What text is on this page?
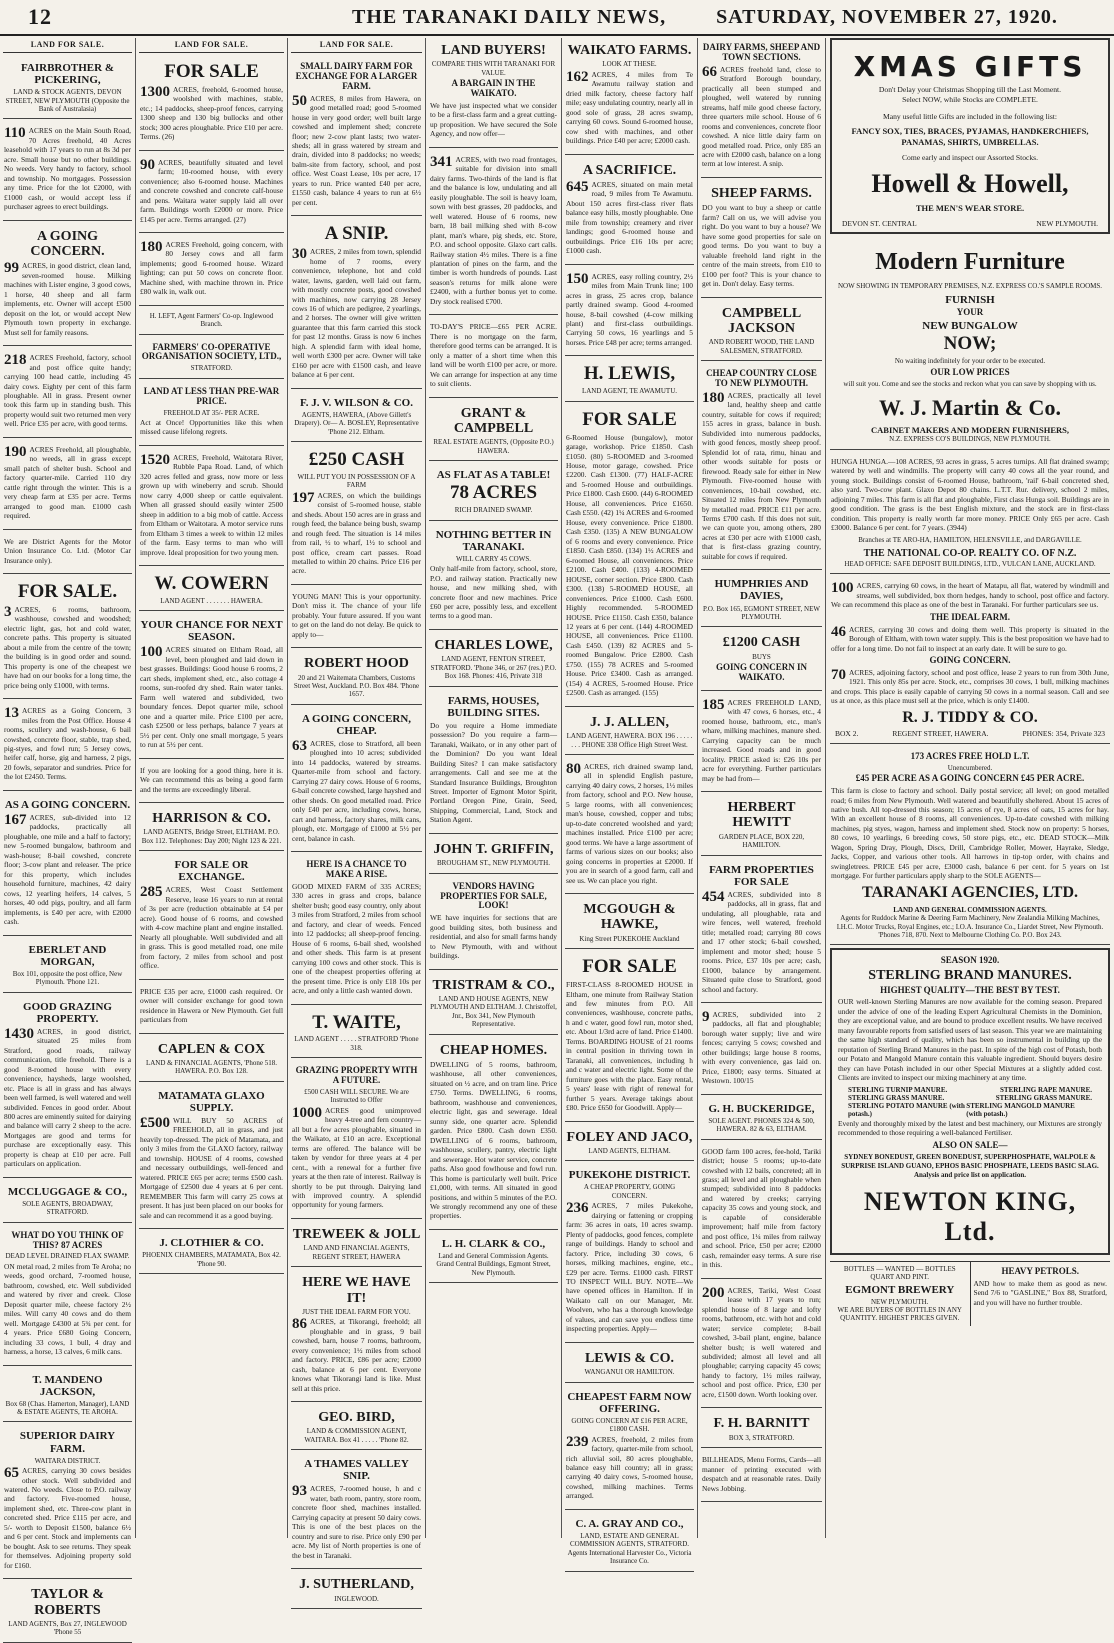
12	THE TARANAKI DAILY NEWS,	SATURDAY, NOVEMBER 27, 1920.
LAND FOR SALE.
FAIRBROTHER & PICKERING,
LAND & STOCK AGENTS, DEVON STREET, NEW PLYMOUTH (Opposite the Bank of Australasia)
110 ACRES on the Main South Road, 70 Acres freehold, 40 Acres leasehold with 17 years to run at 8s 3d per acre. Small house but no other buildings. No weeds. Very handy to factory, school and township. No mortgages. Possession any time. Price for the lot £2000, with £1000 cash, or would accept less if purchaser agrees to erect buildings.
A GOING CONCERN.
99 ACRES, in good district, clean land, seven-roomed house. Milking machines with Lister engine, 3 good cows, 1 horse, 40 sheep and all farm implements, etc. Owner will accept £500 deposit on the lot, or would accept New Plymouth town property in exchange. Must sell for family reasons.
218 ACRES Freehold, factory, school and post office quite handy; carrying 100 head cattle, including 45 dairy cows. Eighty per cent of this farm ploughable. All in grass. Present owner took this farm up in standing bush. This property would suit two returned men very well. Price £35 per acre, with good terms.
190 ACRES Freehold, all ploughable, no weeds, all in grass except small patch of shelter bush. School and factory quarter-mile. Carried 110 dry cattle right through the winter. This is a very cheap farm at £35 per acre. Terms arranged to good man. £1000 cash required.
We are District Agents for the Motor Union Insurance Co. Ltd. (Motor Car Insurance only).
FOR SALE.
3 ACRES, 6 rooms, bathroom, washhouse, cowshed and woodshed; electric light, gas, hot and cold water, concrete paths. This property is situated about a mile from the centre of the town; the building is in good order and sound. This property is one of the cheapest we have had on our books for a long time, the price being only £1000, with terms.
13 ACRES as a Going Concern, 3 miles from the Post Office. House 4 rooms, scullery and wash-house, 6 bail cowshed, concrete floor, stable, trap shed, pig-styes, and fowl run; 5 Jersey cows, heifer calf, horse, gig and harness, 2 pigs, 20 fowls, separator and sundries. Price for the lot £2450. Terms.
AS A GOING CONCERN.
167 ACRES, sub-divided into 12 paddocks, practically all ploughable, one mile and a half to factory; new 5-roomed bungalow, bathroom and wash-house; 8-bail cowshed, concrete floor; 3-cow plant and releaser. The price for this property, which includes household furniture, machines, 42 dairy cows, 12 yearling heifers, 14 calves, 5 horses, 40 odd pigs, poultry, and all farm implements, is £40 per acre, with £2000 cash.
EBERLET AND MORGAN,
Box 101, opposite the post office, New Plymouth. 'Phone 121.
GOOD GRAZING PROPERTY.
1430 ACRES, in good district, situated 25 miles from Stratford, good roads, railway communication, title freehold. There is a good 8-roomed house with every convenience, haysheds, large woolshed, etc. Place is all in grass and has always been well farmed, is well watered and well subdivided. Fences in good order. About 800 acres are eminently suited for dairying and balance will carry 2 sheep to the acre. Mortgages are good and terms for purchase are exceptionally easy. This property is cheap at £10 per acre. Full particulars on application.
MCCLUGGAGE & CO.,
SOLE AGENTS, BROADWAY, STRATFORD.
WHAT DO YOU THINK OF THIS? 87 ACRES
DEAD LEVEL DRAINED FLAX SWAMP.
ON metal road, 2 miles from Te Aroha; no weeds, good orchard, 7-roomed house, bathroom, cowshed, etc. Well subdivided and watered by river and creek. Close Deposit quarter mile, cheese factory 2½ miles. Will carry 40 cows and do them well. Mortgage £4300 at 5¾ per cent. for 4 years. Price £680 Going Concern, including 33 cows, 1 bull, 4 dray and harness, a horse, 13 calves, 6 milk cans.
T. MANDENO JACKSON,
Box 68 (Chas. Hamerton, Manager), LAND & ESTATE AGENTS, TE AROHA.
SUPERIOR DAIRY FARM.
WAITARA DISTRICT.
65 ACRES, carrying 30 cows besides other stock. Well subdivided and watered. No weeds. Close to P.O. railway and factory. Five-roomed house, implement shed, etc. Three-cow plant in concreted shed. Price £115 per acre, and 5/- worth to Deposit £1500, balance 6½ and 6 per cent. Stock and implements can be bought. Ask to see returns. They speak for themselves. Adjoining property sold for £160.
TAYLOR & ROBERTS
LAND AGENTS, Box 27, INGLEWOOD 'Phone 55
LAND FOR SALE.
FOR SALE
1300 ACRES, freehold, 6-roomed house, woolshed with machines, stable, etc.; 14 paddocks, sheep-proof fences, carrying 1300 sheep and 130 big bullocks and other stock; 300 acres ploughable. Price £10 per acre. Terms. (26)
90 ACRES, beautifully situated and level farm; 10-roomed house, with every convenience; also 6-roomed house. Machines and concrete cowshed and concrete calf-house and pens. Waitara water supply laid all over farm. Buildings worth £2000 or more. Price £145 per acre. Terms arranged. (27)
180 ACRES Freehold, going concern, with 80 Jersey cows and all farm implements; good 6-roomed house. Wizard lighting; can put 50 cows on concrete floor. Machine shed, with machine thrown in. Price £80 walk in, walk out.
H. LEFT, Agent Farmers' Co-op. Inglewood Branch.
FARMERS' CO-OPERATIVE ORGANISATION SOCIETY, LTD.,
STRATFORD.
LAND AT LESS THAN PRE-WAR PRICE.
FREEHOLD AT 35/- PER ACRE.
Act at Once! Opportunities like this when missed cause lifelong regrets.
1520 ACRES, Freehold, Waitotara River, Rubble Papa Road. Land, of which 320 acres felled and grass, now more or less grown up with wineberry and scrub. Should now carry 4,000 sheep or cattle equivalent. When all grassed should easily winter 2500 sheep in addition to a big mob of cattle. Access from Eltham or Waitotara. A motor service runs from Eltham 3 times a week to within 12 miles of the farm. Easy terms to man who will improve. Ideal proposition for two young men.
W. COWERN
LAND AGENT . . . . . . . HAWERA.
YOUR CHANCE FOR NEXT SEASON.
100 ACRES situated on Eltham Road, all level, been ploughed and laid down in best grasses. Buildings: Good house 6 rooms, 2 cart sheds, implement shed, etc., also cottage 4 rooms, sun-roofed dry shed. Rain water tanks. Farm well watered and subdivided, two boundary fences. Depot quarter mile, school one and a quarter mile. Price £100 per acre, cash £2500 or less perhaps, balance 7 years at 5½ per cent. Only one small mortgage, 5 years to run at 5½ per cent.
If you are looking for a good thing, here it is. We can recommend this as being a good farm and the terms are exceedingly liberal.
HARRISON & CO.
LAND AGENTS, Bridge Street, ELTHAM. P.O. Box 112. Telephones: Day 200; Night 123 & 221.
FOR SALE OR EXCHANGE.
285 ACRES, West Coast Settlement Reserve, lease 16 years to run at rental of 3s per acre (reduction obtainable at £4 per acre). Good house of 6 rooms, and cowshed with 4-cow machine plant and engine installed. Nearly all ploughable. Well subdivided and all in grass. This is good metalled road, one mile from factory, 2 miles from school and post office.
PRICE £35 per acre, £1000 cash required. Or owner will consider exchange for good town residence in Hawera or New Plymouth. Get full particulars from
CAPLEN & COX
LAND & FINANCIAL AGENTS, 'Phone 518. HAWERA. P.O. Box 128.
MATAMATA GLAXO SUPPLY.
£500 WILL BUY 50 ACRES of FREEHOLD, all in grass, and just heavily top-dressed. The pick of Matamata, and only 3 miles from the GLAXO factory, railway and township. HOUSE of 4 rooms, cowshed and necessary outbuildings, well-fenced and watered. PRICE £65 per acre; terms £500 cash. Mortgage of £2500 due 4 years at 6 per cent. REMEMBER This farm will carry 25 cows at present. It has just been placed on our books for sale and can recommend it as a good buying.
J. CLOTHIER & CO.
PHOENIX CHAMBERS, MATAMATA, Box 42. 'Phone 90.
LAND FOR SALE.
SMALL DAIRY FARM FOR EXCHANGE FOR A LARGER FARM.
50 ACRES, 8 miles from Hawera, on good metalled road; good 5-roomed house in very good order; well built large cowshed and implement shed; concrete floor; new 2-cow plant lasts; two water-sheds; all in grass watered by stream and drain, divided into 8 paddocks; no weeds; balm-site from factory, school, and post office. West Coast Lease, 10s per acre, 17 years to run. Price wanted £40 per acre, £1550 cash, balance 4 years to run at 6½ per cent.
A SNIP.
30 ACRES, 2 miles from town, splendid home of 7 rooms, every convenience, telephone, hot and cold water, lawns, garden, well laid out farm, with mostly concrete posts, good cowshed with machines, now carrying 28 Jersey cows 16 of which are pedigree, 2 yearlings, and 2 horses. The owner will give written guarantee that this farm carried this stock for past 12 months. Grass is now 6 inches high. A splendid farm with ideal home, well worth £300 per acre. Owner will take £160 per acre with £1500 cash, and leave balance at 6 per cent.
F. J. V. WILSON & CO.
AGENTS, HAWERA, (Above Gillett's Drapery). Or— A. BOSLEY, Representative 'Phone 212. Eltham.
£250 CASH
WILL PUT YOU IN POSSESSION OF A FARM
197 ACRES, on which the buildings consist of 5-roomed house, stable and sheds. About 150 acres are in grass and rough feed, the balance being bush, swamp and rough feed. The situation is 14 miles from rail, ½ to wharf, 1½ to school and post office, cream cart passes. Road metalled to within 20 chains. Price £16 per acre.
YOUNG MAN! This is your opportunity. Don't miss it. The chance of your life probably. Your future assured. If you want to get on the land do not delay. Be quick to apply to—
ROBERT HOOD
20 and 21 Waitemata Chambers, Customs Street West, Auckland. P.O. Box 484. 'Phone 1657.
A GOING CONCERN, CHEAP.
63 ACRES, close to Stratford, all been ploughed into 10 acres; subdivided into 14 paddocks, watered by streams. Quarter-mile from school and factory. Carrying 27 dairy cows. House of 6 rooms, 6-bail concrete cowshed, large hayshed and other sheds. On good metalled road. Price only £40 per acre, including cows, horse, cart and harness, factory shares, milk cans, plough, etc. Mortgage of £1000 at 5½ per cent, balance in cash.
HERE IS A CHANCE TO MAKE A RISE.
GOOD MIXED FARM of 335 ACRES; 330 acres in grass and crops, balance shelter bush; good easy country, only about 3 miles from Stratford, 2 miles from school and factory, and clear of weeds. Fenced into 12 paddocks; all sheep-proof fencing. House of 6 rooms, 6-bail shed, woolshed and other sheds. This farm is at present carrying 100 cows and other stock. This is one of the cheapest properties offering at the present time. Price is only £18 10s per acre, and only a little cash wanted down.
T. WAITE,
LAND AGENT . . . . . STRATFORD 'Phone 318.
GRAZING PROPERTY WITH A FUTURE.
£500 CASH WILL SECURE. We are Instructed to Offer
1000 ACRES good unimproved heavy 4-tree and fern country—all but a few acres ploughable, situated in the Waikato, at £10 an acre. Exceptional terms are offered. The balance will be taken by vendor for three years at 4 per cent., with a renewal for a further five years at the then rate of interest. Railway is shortly to be put through. Dairying land with improved country. A splendid opportunity for young farmers.
TREWEEK & JOLL
LAND AND FINANCIAL AGENTS, REGENT STREET, HAWERA
HERE WE HAVE IT!
JUST THE IDEAL FARM FOR YOU.
86 ACRES, at Tikorangi, freehold; all ploughable and in grass, 9 bail cowshed, barn, house 7 rooms, bathroom, every convenience; 1½ miles from school and factory. PRICE, £86 per acre; £2000 cash, balance at 6 per cent. Everyone knows what Tikorangi land is like. Must sell at this price.
GEO. BIRD,
LAND & COMMISSION AGENT, WAITARA. Box 41 . . . . . 'Phone 82.
A THAMES VALLEY SNIP.
93 ACRES, 7-roomed house, h and c water, bath room, pantry, store room, concrete floor shed, machines installed. Carrying capacity at present 50 dairy cows. This is one of the best places on the country and sure to rise. Price only £90 per acre. My list of North properties is one of the best in Taranaki.
J. SUTHERLAND,
INGLEWOOD.
LAND BUYERS!
COMPARE THIS WITH TARANAKI FOR VALUE.
A BARGAIN IN THE WAIKATO.
We have just inspected what we consider to be a first-class farm and a great cutting-up proposition. We have secured the Sole Agency, and now offer—
341 ACRES, with two road frontages, suitable for division into small dairy farms. Two-thirds of the land is flat and the balance is low, undulating and all easily ploughable. The soil is heavy loam, sown with best grasses, 20 paddocks, and well watered. House of 6 rooms, new barn, 18 bail milking shed with 8-cow plant, man's whare, pig sheds, etc. Store, P.O. and school opposite. Glaxo cart calls. Railway station 4½ miles. There is a fine plantation of pines on the farm, and the timber is worth hundreds of pounds. Last season's returns for milk alone were £2400, with a further bonus yet to come. Dry stock realised £700.
TO-DAY'S PRICE—£65 PER ACRE. There is no mortgage on the farm, therefore good terms can be arranged. It is only a matter of a short time when this land will be worth £100 per acre, or more. We can arrange for inspection at any time to suit clients.
GRANT & CAMPBELL
REAL ESTATE AGENTS, (Opposite P.O.) HAWERA.
AS FLAT AS A TABLE!
78 ACRES
RICH DRAINED SWAMP.
NOTHING BETTER IN TARANAKI.
WILL CARRY 45 COWS.
Only half-mile from factory, school, store, P.O. and railway station. Practically new house, and new milking shed, with concrete floor and new machines. Price £60 per acre, possibly less, and excellent terms to a good man.
CHARLES LOWE,
LAND AGENT, FENTON STREET, STRATFORD. 'Phone 346, or 267 (res.) P.O. Box 168. Phones: 416, Private 318
FARMS, HOUSES, BUILDING SITES.
Do you require a Home immediate possession? Do you require a farm—Taranaki, Waikato, or in any other part of the Dominion? Do you want Ideal Building Sites? I can make satisfactory arrangements. Call and see me at the Standard Insurance Buildings, Broughton Street. Importer of Egmont Motor Spirit, Portland Oregon Pine, Grain, Seed, Shipping, Commercial, Land, Stock and Station Agent.
JOHN T. GRIFFIN,
BROUGHAM ST., NEW PLYMOUTH.
VENDORS HAVING PROPERTIES FOR SALE, LOOK!
WE have inquiries for sections that are good building sites, both business and residential, and also for small farms handy to New Plymouth, with and without buildings.
TRISTRAM & CO.,
LAND AND HOUSE AGENTS, NEW PLYMOUTH AND ELTHAM. J. Christoffel, Jnr., Box 341, New Plymouth Representative.
CHEAP HOMES.
DWELLING of 5 rooms, bathroom, washhouse, all other conveniences, situated on ½ acre, and on tram line. Price £750. Terms. DWELLING, 6 rooms, bathroom, washhouse and conveniences, electric light, gas and sewerage. Ideal sunny side, one quarter acre. Splendid garden. Price £800. Cash down £350. DWELLING of 6 rooms, bathroom, washhouse, scullery, pantry, electric light and sewerage. Hot water service, concrete paths. Also good fowlhouse and fowl run. This home is particularly well built. Price £1,000, with terms. All situated in good positions, and within 5 minutes of the P.O. We strongly recommend any one of these properties.
L. H. CLARK & CO.,
Land and General Commission Agents. Grand Central Buildings, Egmont Street, New Plymouth.
WAIKATO FARMS.
LOOK AT THESE.
162 ACRES, 4 miles from Te Awamutu railway station and dried milk factory, cheese factory half mile; easy undulating country, nearly all in good sole of grass, 28 acres swamp, carrying 60 cows. Sound 6-roomed house, cow shed with machines, and other buildings. Price £40 per acre; £2000 cash.
A SACRIFICE.
645 ACRES, situated on main metal road, 9 miles from Te Awamutu. About 150 acres first-class river flats balance easy hills, mostly ploughable. One mile from township; creamery and river landings; good 6-roomed house and outbuildings. Price £16 10s per acre; £1000 cash.
150 ACRES, easy rolling country, 2½ miles from Main Trunk line; 100 acres in grass, 25 acres crop, balance partly drained swamp. Good 4-roomed house, 8-bail cowshed (4-cow milking plant) and first-class outbuildings. Carrying 50 cows, 16 yearlings and 5 horses. Price £48 per acre; terms arranged.
H. LEWIS,
LAND AGENT, TE AWAMUTU.
FOR SALE
6-Roomed House (bungalow), motor garage, workshop. Price £1850. Cash £1050. (80) 5-ROOMED and 3-roomed House, motor garage, cowshed. Price £2200. Cash £1300. (77) HALF-ACRE and 5-roomed House and outbuildings. Price £1800. Cash £600. (44) 6-ROOMED House, all conveniences. Price £1650. Cash £550. (42) 1¼ ACRES and 6-roomed House, every convenience. Price £1800. Cash £350. (135) A NEW BUNGALOW of 6 rooms and every convenience. Price £1850. Cash £850. (134) 1½ ACRES and 6-roomed House, all conveniences. Price £2100. Cash £400. (133) 4-ROOMED HOUSE, corner section. Price £800. Cash £300. (138) 5-ROOMED HOUSE, all conveniences. Price £1000. Cash £600. Highly recommended. 5-ROOMED HOUSE. Price £1150. Cash £350, balance 12 years at 6 per cent. (144) 4-ROOMED HOUSE, all conveniences. Price £1100. Cash £450. (139) 82 ACRES and 5-roomed Bungalow. Price £2800. Cash £750. (155) 78 ACRES and 5-roomed House. Price £3400. Cash as arranged. (154) 4 ACRES, 5-roomed House. Price £2500. Cash as arranged. (155)
J. J. ALLEN,
LAND AGENT, HAWERA. BOX 196 . . . . . . . . PHONE 338 Office High Street West.
80 ACRES, rich drained swamp land, all in splendid English pasture, carrying 40 dairy cows, 2 horses, 1½ miles from factory, school and P.O. New house, 5 large rooms, with all conveniences; man's house, cowshed, copper and tubs; up-to-date concreted woolshed and yard; machines installed. Price £100 per acre; good terms. We have a large assortment of farms of various sizes on our books; also going concerns in properties at £2000. If you are in search of a good farm, call and see us. We can place you right.
MCGOUGH & HAWKE,
King Street PUKEKOHE Auckland
FOR SALE
FIRST-CLASS 8-ROOMED HOUSE in Eltham, one minute from Railway Station and few minutes from P.O. All conveniences, washhouse, concrete paths, h and c water, good fowl run, motor shed, etc. About 1/3rd acre of land. Price £1400. Terms. BOARDING HOUSE of 21 rooms in central position in thriving town in Taranaki, all conveniences, including h and c water and electric light. Some of the furniture goes with the place. Easy rental, 5 years' lease with right of renewal for further 5 years. Average takings about £80. Price £650 for Goodwill. Apply—
FOLEY AND JACO,
LAND AGENTS, ELTHAM.
PUKEKOHE DISTRICT.
A CHEAP PROPERTY, GOING CONCERN.
236 ACRES, 7 miles Pukekohe, dairying or fattening or cropping farm: 36 acres in oats, 10 acres swamp. Plenty of paddocks, good fences, complete range of buildings. Handy to school and factory. Price, including 30 cows, 6 horses, milking machines, engine, etc., £29 per acre. Terms. £1000 cash. FIRST TO INSPECT WILL BUY. NOTE—We have opened offices in Hamilton. If in Waikato call on our Manager, Mr. Woolven, who has a thorough knowledge of values, and can save you endless time inspecting properties. Apply—
LEWIS & CO.
WANGANUI OR HAMILTON.
CHEAPEST FARM NOW OFFERING.
GOING CONCERN AT £16 PER ACRE, £1800 CASH.
239 ACRES, freehold, 2 miles from factory, quarter-mile from school, rich alluvial soil, 80 acres ploughable, balance easy hill country; all in grass; carrying 40 dairy cows, 5-roomed house, cowshed, milking machines. Terms arranged.
C. A. GRAY AND CO.,
LAND, ESTATE AND GENERAL COMMISSION AGENTS, STRATFORD. Agents International Harvester Co., Victoria Insurance Co.
DAIRY FARMS, SHEEP AND TOWN SECTIONS.
66 ACRES freehold land, close to Stratford Borough boundary, practically all been stumped and ploughed, well watered by running streams, half mile good cheese factory, three quarters mile school. House of 6 rooms and conveniences, concrete floor cowshed. A nice little dairy farm on good metalled road. Price, only £85 an acre with £2000 cash, balance on a long term at low interest. A snip.
SHEEP FARMS.
DO you want to buy a sheep or cattle farm? Call on us, we will advise you right. Do you want to buy a house? We have some good properties for sale on good terms. Do you want to buy a valuable freehold land right in the centre of the main streets, from £10 to £100 per foot? This is your chance to get in. Don't delay. Easy terms.
CAMPBELL JACKSON
AND ROBERT WOOD, THE LAND SALESMEN, STRATFORD.
CHEAP COUNTRY CLOSE TO NEW PLYMOUTH.
180 ACRES, practically all level land, healthy sheep and cattle country, suitable for cows if required; 155 acres in grass, balance in bush. Subdivided into numerous paddocks, with good fences, mostly sheep proof. Splendid lot of rata, rimu, hinau and other woods suitable for posts or firewood. Ready sale for either in New Plymouth. Five-roomed house with conveniences, 10-bail cowshed, etc. Situated 12 miles from New Plymouth by metalled road. PRICE £11 per acre. Terms £700 cash. If this does not suit, we can quote you, among others, 280 acres at £30 per acre with £1000 cash, that is first-class grazing country, suitable for cows if required.
HUMPHRIES AND DAVIES,
P.O. Box 165, EGMONT STREET, NEW PLYMOUTH.
£1200 CASH
BUYS
GOING CONCERN IN WAIKATO.
185 ACRES FREEHOLD LAND, with 47 cows, 6 horses, etc., 4 roomed house, bathroom, etc., man's whare, milking machines, manure shed. Carrying capacity can be much increased. Good roads and in good locality. PRICE asked is: £26 10s per acre for everything. Further particulars may be had from—
HERBERT HEWITT
GARDEN PLACE, BOX 220, HAMILTON.
FARM PROPERTIES FOR SALE
454 ACRES, subdivided into 8 paddocks, all in grass, flat and undulating, all ploughable, rata and wire fences, well watered, freehold title; metalled road; carrying 80 cows and 17 other stock; 6-bail cowshed, implement and motor shed; house 5 rooms. Price, £37 10s per acre; cash, £1000, balance by arrangement. Situated quite close to Stratford, good school and factory.
9 ACRES, subdivided into 2 paddocks, all flat and ploughable; borough water supply; live and wire fences; carrying 5 cows; cowshed and other buildings; large house 8 rooms, with every convenience, gas laid on. Price, £1800; easy terms. Situated at Westown. 100/15
G. H. BUCKERIDGE,
SOLE AGENT. PHONES 324 & 500, HAWERA. 82 & 63, ELTHAM.
GOOD farm 100 acres, fee-hold, Tariki district; house 5 rooms; up-to-date cowshed with 12 bails, concreted; all in grass; all level and all ploughable when stumped; subdivided into 8 paddocks and watered by creeks; carrying capacity 35 cows and young stock, and is capable of considerable improvement; half mile from factory and post office, 1¼ miles from railway and school. Price, £50 per acre; £2000 cash, remainder easy terms. A sure rise in this.
200 ACRES, Tariki, West Coast lease with 17 years to run; splendid house of 8 large and lofty rooms, bathroom, etc. with hot and cold water; service complete; 8-bail cowshed, 3-bail plant, engine, balance shelter bush; is well watered and subdivided; almost all level and all ploughable; carrying capacity 45 cows; handy to factory, 1½ miles railway, school and post office. Price, £30 per acre, £1500 down. Worth looking over.
F. H. BARNITT
BOX 3, STRATFORD.
BILLHEADS, Menu Forms, Cards—all manner of printing executed with despatch and at reasonable rates. Daily News Jobbing.
XMAS GIFTS
Don't Delay your Christmas Shopping till the Last Moment.
Select NOW, while Stocks are COMPLETE.
Many useful little Gifts are included in the following list:
FANCY SOX, TIES, BRACES, PYJAMAS, HANDKERCHIEFS, PANAMAS, SHIRTS, UMBRELLAS.
Come early and inspect our Assorted Stocks.
Howell & Howell,
THE MEN'S WEAR STORE.
DEVON ST. CENTRAL	NEW PLYMOUTH.
Modern Furniture
NOW SHOWING IN TEMPORARY PREMISES, N.Z. EXPRESS CO.'S SAMPLE ROOMS.
FURNISH
YOUR
NEW BUNGALOW
NOW;
No waiting indefinitely for your order to be executed.
OUR LOW PRICES
will suit you. Come and see the stocks and reckon what you can save by shopping with us.
W. J. Martin & Co.
CABINET MAKERS AND MODERN FURNISHERS,
N.Z. EXPRESS CO'S BUILDINGS, NEW PLYMOUTH.
HUNGA HUNGA.—108 ACRES, 93 acres in grass, 5 acres turnips. All flat drained swamp; watered by well and windmills. The property will carry 40 cows all the year round, and young stock. Buildings consist of 6-roomed House, bathroom, 'rail' 6-bail concreted shed, also yard. Two-cow plant. Glaxo Depot 80 chains. L.T.T. Rur. delivery, school 2 miles, adjoining 7 miles. This farm is all flat and ploughable, First class Hunga soil. Buildings are in good condition. The grass is the best English mixture, and the stock are in first-class condition. This property is really worth far more money. PRICE Only £65 per acre. Cash £3000. Balance 6 per cent. for 7 years. (3944)
Branches at TE ARO-HA, HAMILTON, HELENSVILLE, and DARGAVILLE.
THE NATIONAL CO-OP. REALTY CO. OF N.Z.
HEAD OFFICE: SAFE DEPOSIT BUILDINGS, LTD., VULCAN LANE, AUCKLAND.
100 ACRES, carrying 60 cows, in the heart of Matapu, all flat, watered by windmill and streams, well subdivided, box thorn hedges, handy to school, post office and factory. We can recommend this place as one of the best in Taranaki. For further particulars see us.
THE IDEAL FARM.
46 ACRES, carrying 30 cows and doing them well. This property is situated in the Borough of Eltham, with town water supply. This is the best proposition we have had to offer for a long time. Do not fail to inspect at an early date. It will be sure to go.
GOING CONCERN.
70 ACRES, adjoining factory, school and post office, lease 2 years to run from 30th June, 1921. This only 85s per acre. Stock, etc., comprises 30 cows, 1 bull, milking machines and crops. This place is easily capable of carrying 50 cows in a normal season. Call and see us at once, as this place must sell at the price, which is only £1400.
R. J. TIDDY & CO.
BOX 2.	REGENT STREET, HAWERA.	PHONES: 354, Private 323
173 ACRES FREE HOLD L.T.
Unencumbered.
£45 PER ACRE AS A GOING CONCERN £45 PER ACRE.
This farm is close to factory and school. Daily postal service; all level; on good metalled road; 6 miles from New Plymouth. Well watered and beautifully sheltered. About 15 acres of native bush. All top-dressed this season; 15 acres of rye, 8 acres of oats, 15 acres for hay. With an excellent house of 8 rooms, all conveniences. Up-to-date cowshed with milking machines, pig styes, wagon, harness and implement shed. Stock now on property: 5 horses, 80 cows, 10 yearlings, 6 breeding cows, 50 store pigs, etc., etc. DEAD STOCK—Milk Wagon, Spring Dray, Plough, Discs, Drill, Cambridge Roller, Mower, Hayrake, Sledge, Jacks, Copper, and various other tools. All harrows in tip-top order, with chains and swingletrees. PRICE £45 per acre, £3000 cash, balance 6 per cent. for 5 years on 1st mortgage. For further particulars apply sharp to the SOLE AGENTS—
TARANAKI AGENCIES, LTD.
LAND AND GENERAL COMMISSION AGENTS.
Agents for Ruddock Marine & Deering Farm Machinery, New Zealandia Milking Machines, I.H.C. Motor Trucks, Royal Engines, etc.; I.O.A. Insurance Co., Liardet Street, New Plymouth.
'Phones 718, 870. Next to Melbourne Clothing Co. P.O. Box 243.
SEASON 1920.
STERLING BRAND MANURES.
HIGHEST QUALITY—THE BEST BY TEST.
OUR well-known Sterling Manures are now available for the coming season. Prepared under the advice of one of the leading Expert Agricultural Chemists in the Dominion, they are exceptional value, and are bound to produce excellent results. We have received many favourable reports from satisfied users of last season. This year we are maintaining the same high standard of quality, which has been so instrumental in building up the reputation of Sterling Brand Manures in the past. In spite of the high cost of Potash, both our Potato and Mangold Manure contain this valuable ingredient. Should buyers desire they can have Potash included in our other Special Mixtures at a slightly added cost. Clients are invited to inspect our mixing machinery at any time.
STERLING TURNIP MANURE.	STERLING RAPE MANURE.
STERLING GRASS MANURE.	STERLING GRASS MANURE.
STERLING POTATO MANURE (with potash.)
STERLING MANGOLD MANURE (with potash.)
Evenly and thoroughly mixed by the latest and best machinery, our Mixtures are strongly recommended to those requiring a well-balanced Fertiliser.
ALSO ON SALE—
SYDNEY BONEDUST, GREEN BONEDUST, SUPERPHOSPHATE, WALPOLE & SURPRISE ISLAND GUANO, EPHOS BASIC PHOSPHATE, LEEDS BASIC SLAG. Analysis and price list on application.
NEWTON KING, Ltd.
BOTTLES — WANTED — BOTTLES QUART AND PINT.
EGMONT BREWERY
NEW PLYMOUTH.
WE ARE BUYERS OF BOTTLES IN ANY QUANTITY. HIGHEST PRICES GIVEN.
HEAVY PETROLS.
AND how to make them as good as new. Send 7/6 to "GASLINE," Box 88, Stratford, and you will have no further trouble.
